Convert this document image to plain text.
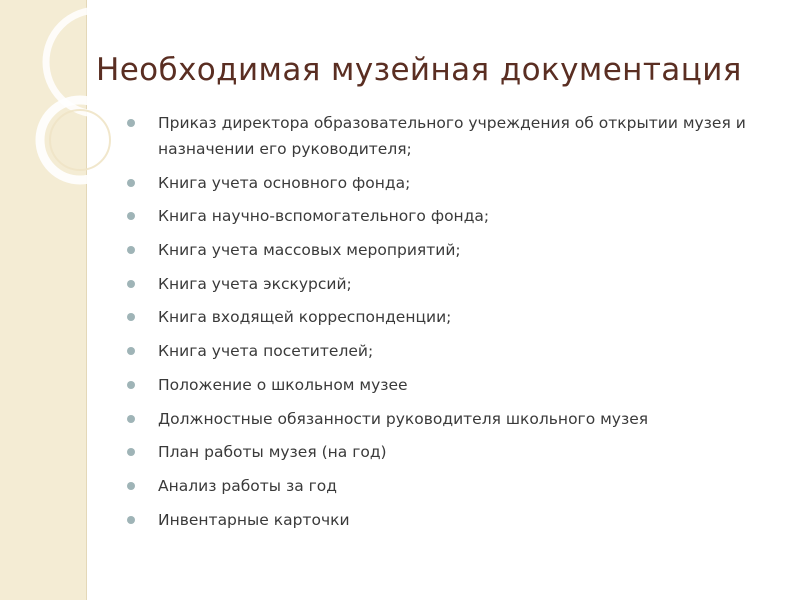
Необходимая музейная документация
Приказ директора образовательного учреждения об открытии музея и назначении его руководителя;
Книга учета основного фонда;
Книга научно-вспомогательного фонда;
Книга учета массовых мероприятий;
Книга учета экскурсий;
Книга входящей корреспонденции;
Книга учета посетителей;
Положение о школьном музее
Должностные обязанности руководителя школьного музея
План работы музея (на год)
Анализ работы за год
Инвентарные карточки
